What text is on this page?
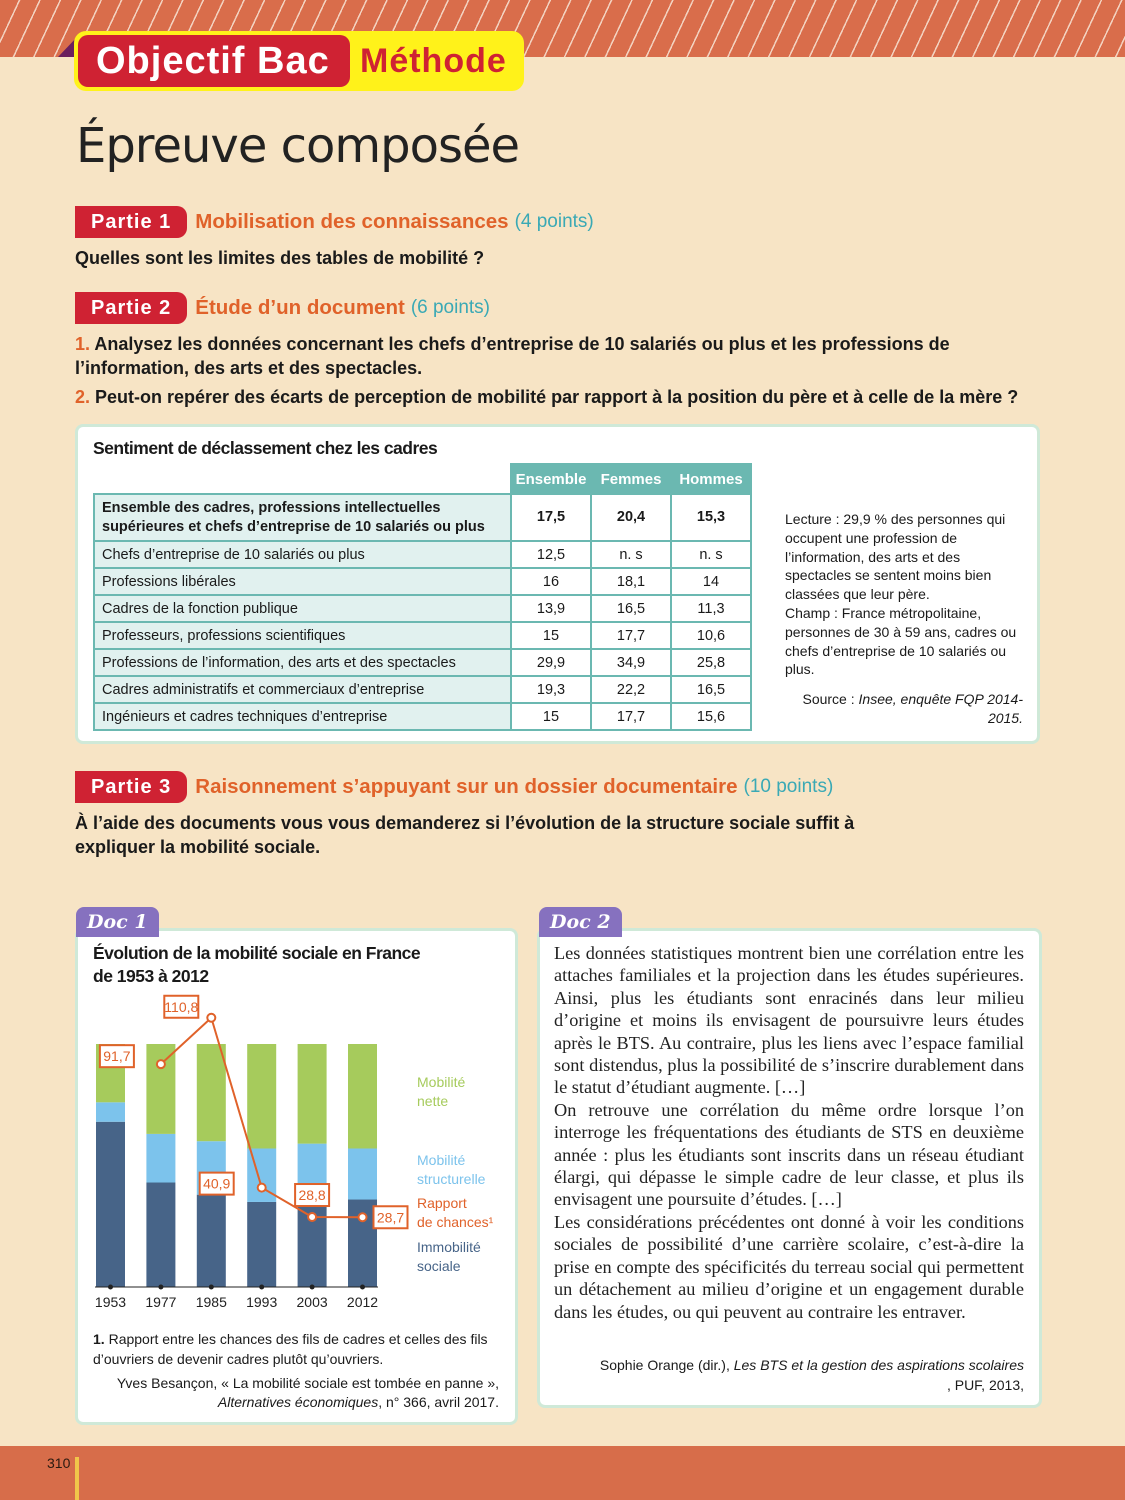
Objectif Bac Méthode
Épreuve composée
Partie 1	Mobilisation des connaissances (4 points)
Quelles sont les limites des tables de mobilité ?
Partie 2	Étude d’un document (6 points)
1. Analysez les données concernant les chefs d’entreprise de 10 salariés ou plus et les professions de l’information, des arts et des spectacles.
2. Peut-on repérer des écarts de perception de mobilité par rapport à la position du père et à celle de la mère ?
Sentiment de déclassement chez les cadres
	Ensemble	Femmes	Hommes
Ensemble des cadres, professions intellectuelles supérieures et chefs d’entreprise de 10 salariés ou plus	17,5	20,4	15,3
Chefs d’entreprise de 10 salariés ou plus	12,5	n. s	n. s
Professions libérales	16	18,1	14
Cadres de la fonction publique	13,9	16,5	11,3
Professeurs, professions scientifiques	15	17,7	10,6
Professions de l’information, des arts et des spectacles	29,9	34,9	25,8
Cadres administratifs et commerciaux d’entreprise	19,3	22,2	16,5
Ingénieurs et cadres techniques d’entreprise	15	17,7	15,6
Lecture : 29,9 % des personnes qui occupent une profession de l’information, des arts et des spectacles se sentent moins bien classées que leur père.
Champ : France métropolitaine, personnes de 30 à 59 ans, cadres ou chefs d’entreprise de 10 salariés ou plus.
Source : Insee, enquête FQP 2014-2015.
Partie 3	Raisonnement s’appuyant sur un dossier documentaire (10 points)
À l’aide des documents vous vous demanderez si l’évolution de la structure sociale suffit à expliquer la mobilité sociale.
Doc 1
Évolution de la mobilité sociale en France
de 1953 à 2012
1953 1977 1985 1993 2003 2012
91,7
110,8
40,9
28,8
28,7
Mobilité
nette
Mobilité
structurelle
Rapport
de chances¹
Immobilité
sociale
1. Rapport entre les chances des fils de cadres et celles des fils d’ouvriers de devenir cadres plutôt qu’ouvriers.
Yves Besançon, « La mobilité sociale est tombée en panne »,
Alternatives économiques, n° 366, avril 2017.
Doc 2

Les données statistiques montrent bien une corrélation entre les attaches familiales et la projection dans les études supérieures. Ainsi, plus les étudiants sont enracinés dans leur milieu d’origine et moins ils envisagent de poursuivre leurs études après le BTS. Au contraire, plus les liens avec l’espace familial sont distendus, plus la possibilité de s’inscrire durablement dans le statut d’étudiant augmente. […]

On retrouve une corrélation du même ordre lorsque l’on interroge les fréquentations des étudiants de STS en deuxième année : plus les étudiants sont inscrits dans un réseau étudiant élargi, qui dépasse le simple cadre de leur classe, et plus ils envisagent une poursuite d’études. […]

Les considérations précédentes ont donné à voir les conditions sociales de possibilité d’une carrière scolaire, c’est-à-dire la prise en compte des spécificités du terreau social qui permettent un détachement au milieu d’origine et un engagement durable dans les études, ou qui peuvent au contraire les entraver.

Sophie Orange (dir.), Les BTS et la gestion des aspirations scolaires
, PUF, 2013,
310
